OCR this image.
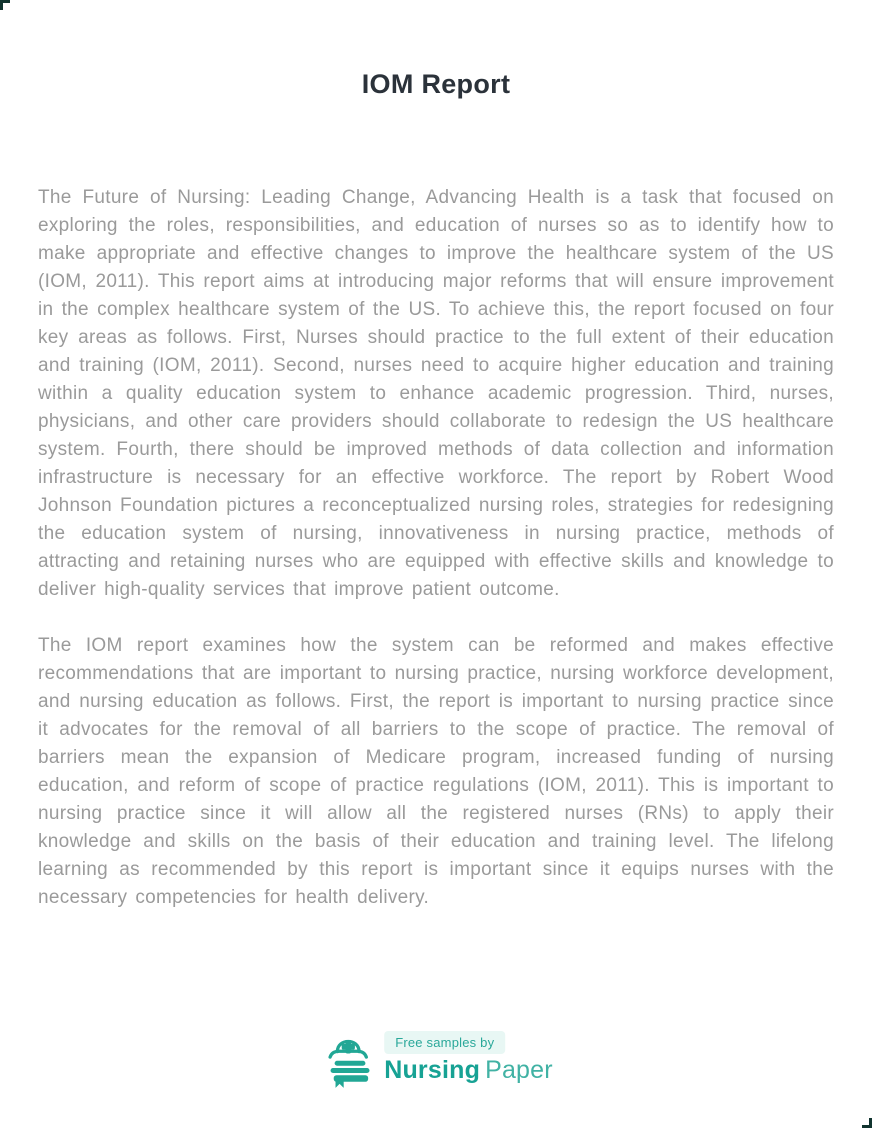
IOM Report

The Future of Nursing: Leading Change, Advancing Health is a task that focused on exploring the roles, responsibilities, and education of nurses so as to identify how to make appropriate and effective changes to improve the healthcare system of the US (IOM, 2011). This report aims at introducing major reforms that will ensure improvement in the complex healthcare system of the US. To achieve this, the report focused on four key areas as follows. First, Nurses should practice to the full extent of their education and training (IOM, 2011). Second, nurses need to acquire higher education and training within a quality education system to enhance academic progression. Third, nurses, physicians, and other care providers should collaborate to redesign the US healthcare system. Fourth, there should be improved methods of data collection and information infrastructure is necessary for an effective workforce. The report by Robert Wood Johnson Foundation pictures a reconceptualized nursing roles, strategies for redesigning the education system of nursing, innovativeness in nursing practice, methods of attracting and retaining nurses who are equipped with effective skills and knowledge to deliver high-quality services that improve patient outcome.

The IOM report examines how the system can be reformed and makes effective recommendations that are important to nursing practice, nursing workforce development, and nursing education as follows. First, the report is important to nursing practice since it advocates for the removal of all barriers to the scope of practice. The removal of barriers mean the expansion of Medicare program, increased funding of nursing education, and reform of scope of practice regulations (IOM, 2011). This is important to nursing practice since it will allow all the registered nurses (RNs) to apply their knowledge and skills on the basis of their education and training level. The lifelong learning as recommended by this report is important since it equips nurses with the necessary competencies for health delivery.

Free samples by
Nursing Paper
